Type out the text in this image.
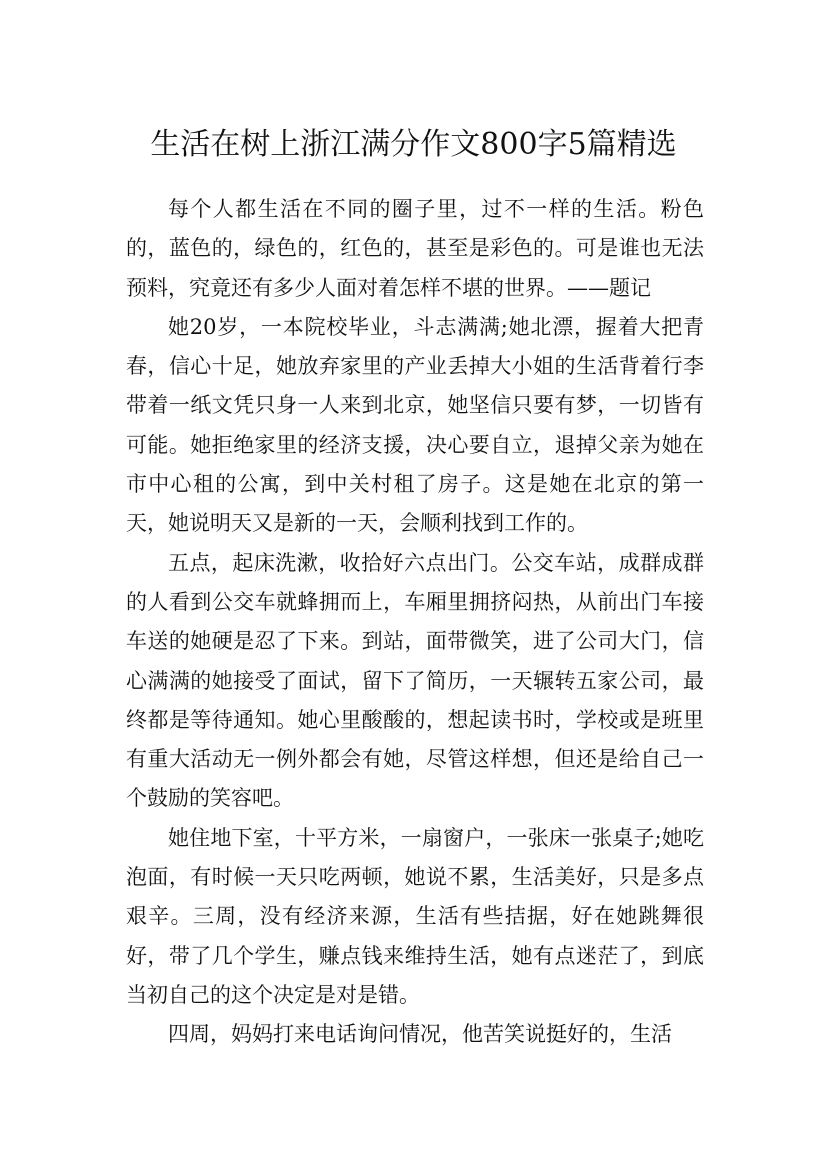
生活在树上浙江满分作文800字5篇精选

每个人都生活在不同的圈子里，过不一样的生活。粉色的，蓝色的，绿色的，红色的，甚至是彩色的。可是谁也无法预料，究竟还有多少人面对着怎样不堪的世界。——题记

她20岁，一本院校毕业，斗志满满;她北漂，握着大把青春，信心十足，她放弃家里的产业丢掉大小姐的生活背着行李带着一纸文凭只身一人来到北京，她坚信只要有梦，一切皆有可能。她拒绝家里的经济支援，决心要自立，退掉父亲为她在市中心租的公寓，到中关村租了房子。这是她在北京的第一天，她说明天又是新的一天，会顺利找到工作的。

五点，起床洗漱，收拾好六点出门。公交车站，成群成群的人看到公交车就蜂拥而上，车厢里拥挤闷热，从前出门车接车送的她硬是忍了下来。到站，面带微笑，进了公司大门，信心满满的她接受了面试，留下了简历，一天辗转五家公司，最终都是等待通知。她心里酸酸的，想起读书时，学校或是班里有重大活动无一例外都会有她，尽管这样想，但还是给自己一个鼓励的笑容吧。

她住地下室，十平方米，一扇窗户，一张床一张桌子;她吃泡面，有时候一天只吃两顿，她说不累，生活美好，只是多点艰辛。三周，没有经济来源，生活有些拮据，好在她跳舞很好，带了几个学生，赚点钱来维持生活，她有点迷茫了，到底当初自己的这个决定是对是错。

四周，妈妈打来电话询问情况，他苦笑说挺好的，生活
